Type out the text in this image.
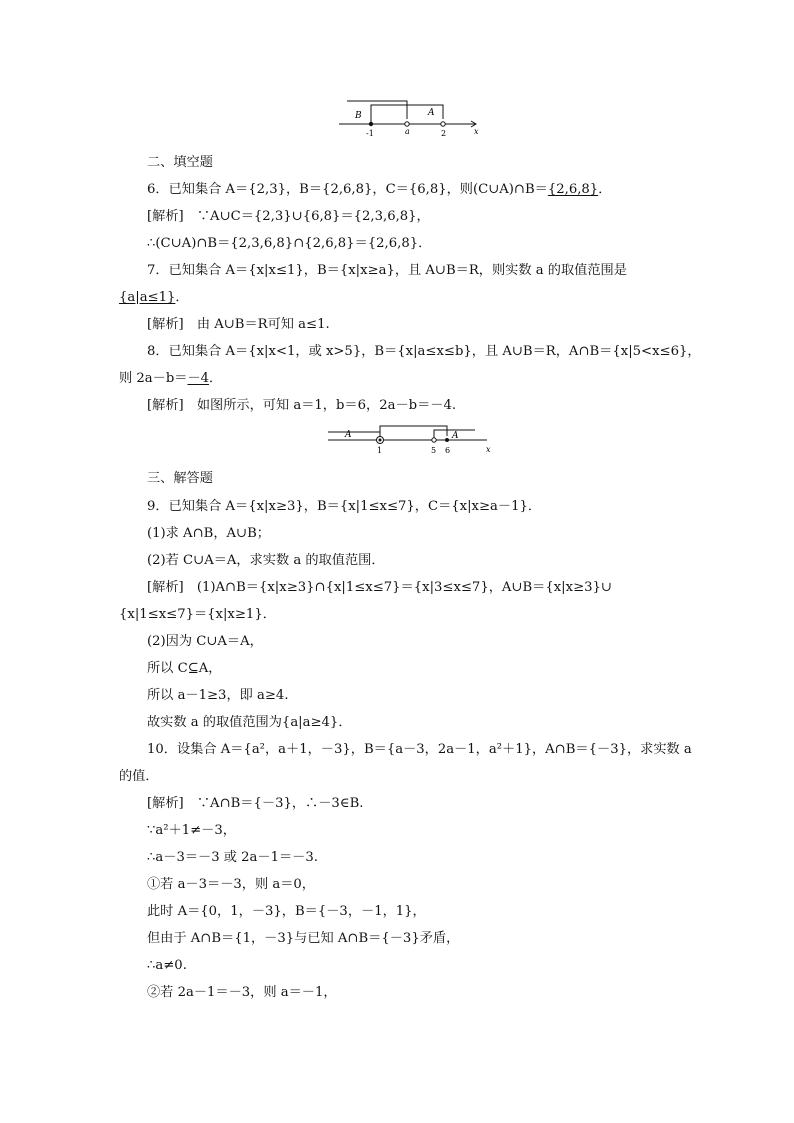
B	A
-1	a	2	x
二、填空题
6．已知集合 A＝{2,3}，B＝{2,6,8}，C＝{6,8}，则(C∪A)∩B＝{2,6,8}．
[解析]　∵A∪C＝{2,3}∪{6,8}＝{2,3,6,8}，
∴(C∪A)∩B＝{2,3,6,8}∩{2,6,8}＝{2,6,8}．
7．已知集合 A＝{x|x≤1}，B＝{x|x≥a}，且 A∪B＝R，则实数 a 的取值范围是
{a|a≤1}．
[解析]　由 A∪B＝R可知 a≤1.
8．已知集合 A＝{x|x<1，或 x>5}，B＝{x|a≤x≤b}，且 A∪B＝R，A∩B＝{x|5<x≤6}，
则 2a－b＝－4．
[解析]　如图所示，可知 a＝1，b＝6，2a－b＝－4.
A	A
1	5 6	x
三、解答题
9．已知集合 A＝{x|x≥3}，B＝{x|1≤x≤7}，C＝{x|x≥a－1}．
(1)求 A∩B，A∪B；
(2)若 C∪A＝A，求实数 a 的取值范围．
[解析]　(1)A∩B＝{x|x≥3}∩{x|1≤x≤7}＝{x|3≤x≤7}，A∪B＝{x|x≥3}∪
{x|1≤x≤7}＝{x|x≥1}．
(2)因为 C∪A＝A，
所以 C⊆A，
所以 a－1≥3，即 a≥4.
故实数 a 的取值范围为{a|a≥4}．
10．设集合 A＝{a²，a＋1，－3}，B＝{a－3，2a－1，a²＋1}，A∩B＝{－3}，求实数 a
的值．
[解析]　∵A∩B＝{－3}，∴－3∈B.
∵a²＋1≠－3，
∴a－3＝－3 或 2a－1＝－3.
①若 a－3＝－3，则 a＝0，
此时 A＝{0，1，－3}，B＝{－3，－1，1}，
但由于 A∩B＝{1，－3}与已知 A∩B＝{－3}矛盾，
∴a≠0.
②若 2a－1＝－3，则 a＝－1，
